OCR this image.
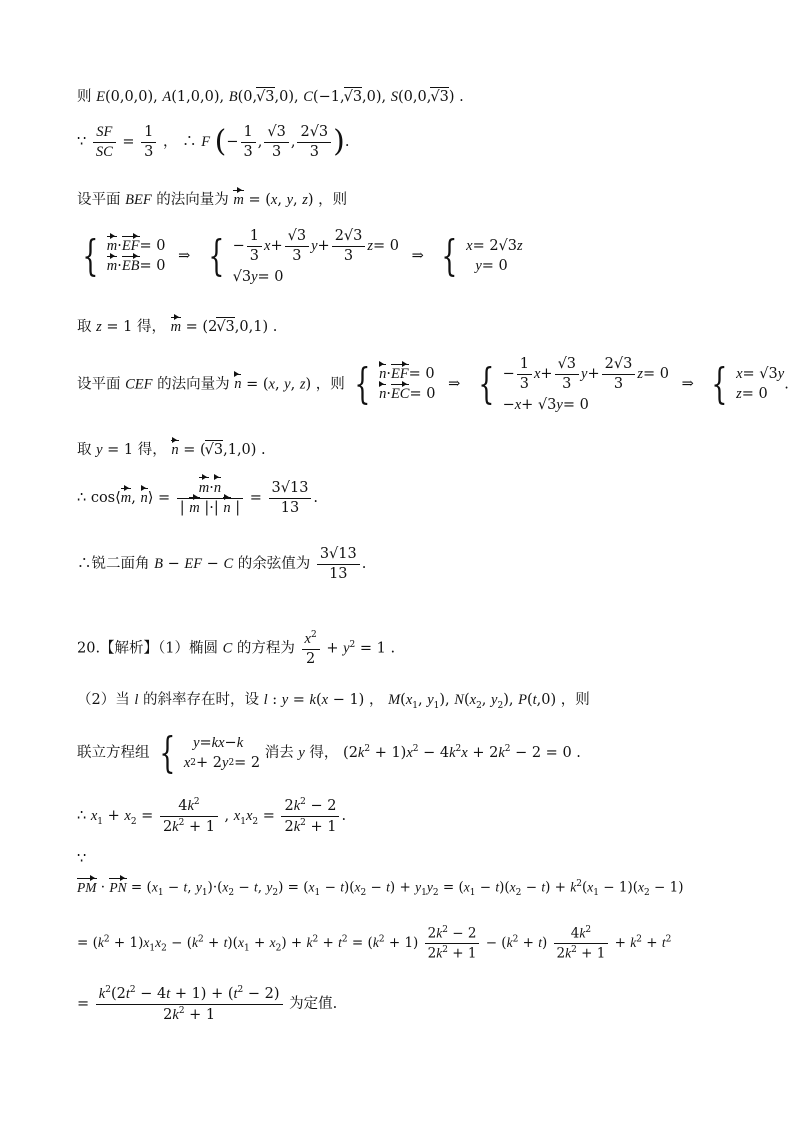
则 E(0,0,0), A(1,0,0), B(0,√3,0), C(−1,√3,0), S(0,0,√3) .
∵ $\frac{SF}{SC} = \frac{1}{3}$ ， ∴ F (− $\frac{1}{3}$ , $\frac{√3}{3}$ , $\frac{2√3}{3}$ ).
设平面 BEF 的法向量为 m = (x, y, z) ，则
{ m · EF = 0
m · EB = 0
⇒ { − $\frac{1}{3}$ $x + \frac{√3}{3}$ $y + \frac{2√3}{3}$ z = 0
√3 y = 0
⇒ { x = 2√3 z

y = 0
取 z = 1 得， m = (2√3,0,1) .
设平面 CEF 的法向量为 n = (x, y, z) ，则 { n · EF = 0
n · EC = 0
⇒ { − $\frac{1}{3}$ $x + \frac{√3}{3}$ $y + \frac{2√3}{3}$ z = 0
− x + √3 y = 0
⇒ { x = √3 y
z = 0
.
取 y = 1 得， n = (√3,1,0) .
∴ cos⟨m, n⟩ = $\frac{m\cdot n}{| m |\cdot| n |} = \frac{3√13}{13}$ .
∴锐二面角 B − EF − C 的余弦值为 $\frac{3√13}{13}$ .
20.【解析】（1）椭圆 C 的方程为 $\frac{x^2}{2} + y^2 = 1$ .
（2）当 l 的斜率存在时，设 l : y = k(x − 1) ， $M(x_1$, $y_1$), $N(x_2$, $y_2$), P(t,0) ，则
联立方程组 {
y = kx − k
x 2 + 2 y 2 = 2
消去 y 得， $(2k^2 + 1)x^2 - 4k^2x + 2k^2 - 2 = 0$ .
∴ $x_1 + x_2 = \frac{4k^2}{2k^2 + 1}$ , $x_1x_2 = \frac{2k^2 - 2}{2k^2 + 1}$ .
∵
PM · PN = ($x_1 - t$, $y_1)\cdot(x_2 - t$, $y_2) = (x_1 - t)(x_2 - t) + y_1y_2 = (x_1 - t)(x_2 - t) + k^2(x_1 - 1)(x_2 - 1)$
= $(k^2 + 1)x_1x_2 - (k^2 + t)(x_1 + x_2) + k^2 + t^2 = (k^2 + 1) \frac{2k^2 - 2}{2k^2 + 1} - (k^2 + t) \frac{4k^2}{2k^2 + 1} + k^2 + t^2$
= $\frac{k^2(2t^2 - 4t + 1) + (t^2 - 2)}{2k^2 + 1}$ 为定值.
